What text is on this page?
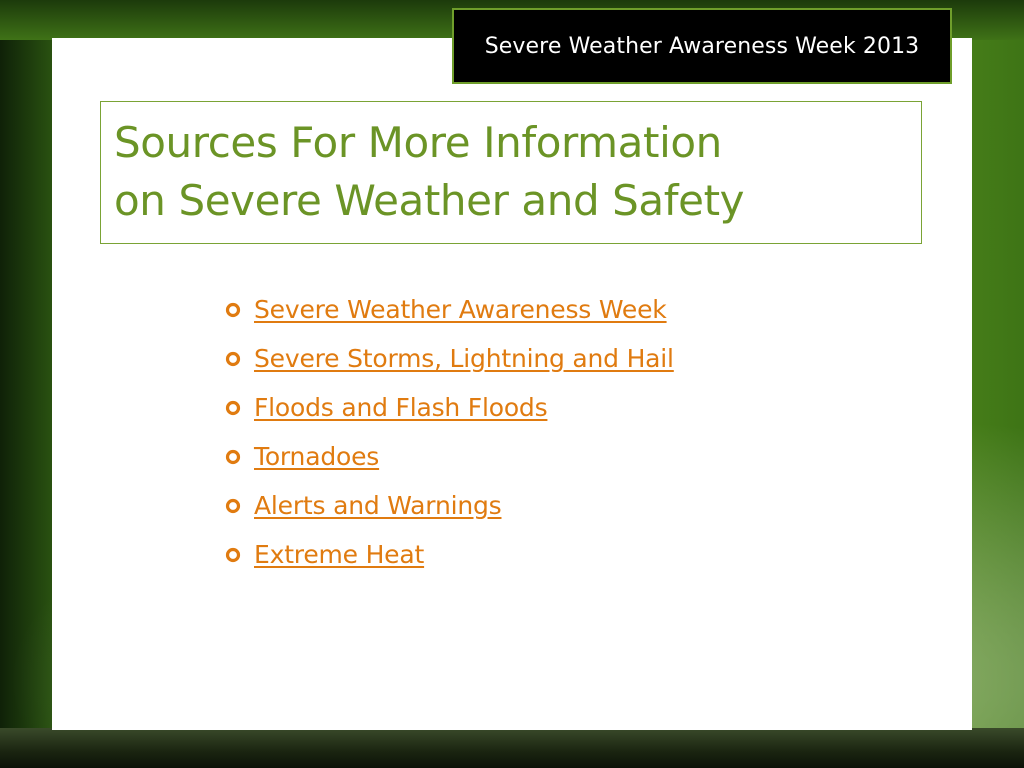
Severe Weather Awareness Week 2013
Sources For More Information
on Severe Weather and Safety
Severe Weather Awareness Week
Severe Storms, Lightning and Hail
Floods and Flash Floods
Tornadoes
Alerts and Warnings
Extreme Heat
